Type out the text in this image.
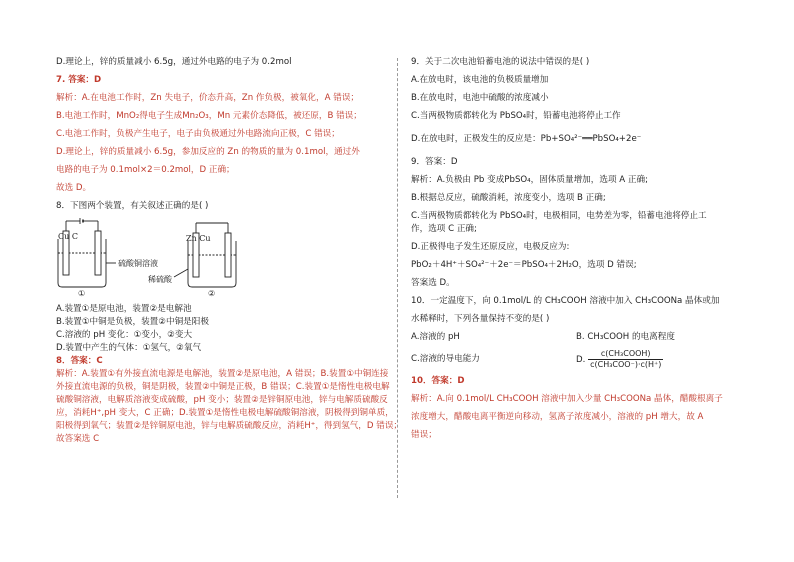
D.理论上，锌的质量减小 6.5g，通过外电路的电子为 0.2mol
7. 答案：D
解析：A.在电池工作时，Zn 失电子，价态升高，Zn 作负极，被氧化，A 错误；
B.电池工作时，MnO₂得电子生成Mn₂O₃，Mn 元素价态降低，被还原，B 错误；
C.电池工作时，负极产生电子，电子由负极通过外电路流向正极，C 错误；
D.理论上，锌的质量减小 6.5g，参加反应的 Zn 的物质的量为 0.1mol，通过外
电路的电子为 0.1mol×2＝0.2mol，D 正确；
故选 D。
8．下图两个装置，有关叙述正确的是( )
Cu C	Zn Cu
硫酸铜溶液
稀硫酸
①	②
A.装置①是原电池，装置②是电解池
B.装置①中铜是负极，装置②中铜是阳极
C.溶液的 pH 变化：①变小，②变大
D.装置中产生的气体：①氢气，②氧气
8．答案：C
解析：A.装置①有外接直流电源是电解池，装置②是原电池，A 错误；B.装置①中铜连接
外接直流电源的负极，铜是阴极，装置②中铜是正极，B 错误；C.装置①是惰性电极电解
硫酸铜溶液，电解质溶液变成硫酸，pH 变小；装置②是锌铜原电池，锌与电解质硫酸反
应，消耗H⁺,pH 变大，C 正确；D.装置①是惰性电极电解硫酸铜溶液，阴极得到铜单质，
阳极得到氧气；装置②是锌铜原电池，锌与电解质硫酸反应，消耗H⁺，得到氢气，D 错误；
故答案选 C
9．关于二次电池铅蓄电池的说法中错误的是( )
A.在放电时，该电池的负极质量增加
B.在放电时，电池中硫酸的浓度减小
C.当两极物质都转化为 PbSO₄时，铅蓄电池将停止工作
D.在放电时，正极发生的反应是：Pb+SO₄²⁻══PbSO₄+2e⁻
9．答案：D
解析：A.负极由 Pb 变成PbSO₄，固体质量增加，选项 A 正确;
B.根据总反应，硫酸消耗，浓度变小，选项 B 正确;
C.当两极物质都转化为 PbSO₄时，电极相同，电势差为零，铅蓄电池将停止工
作，选项 C 正确;
D.正极得电子发生还原反应，电极反应为:
PbO₂＋4H⁺＋SO₄²⁻＋2e⁻＝PbSO₄＋2H₂O，选项 D 错误;
答案选 D。
10．一定温度下，向 0.1mol/L 的 CH₃COOH 溶液中加入 CH₃COONa 晶体或加
水稀释时，下列各量保持不变的是( )
A.溶液的 pH	B. CH₃COOH 的电离程度
C.溶液的导电能力	D. $\frac{\text{c(CH₃COOH)}}{\text{c(CH₃COO⁻)·c(H⁺)}}$
10．答案：D
解析：A.向 0.1mol/L CH₃COOH 溶液中加入少量 CH₃COONa 晶体，醋酸根离子
浓度增大，醋酸电离平衡逆向移动，氢离子浓度减小，溶液的 pH 增大，故 A
错误；
